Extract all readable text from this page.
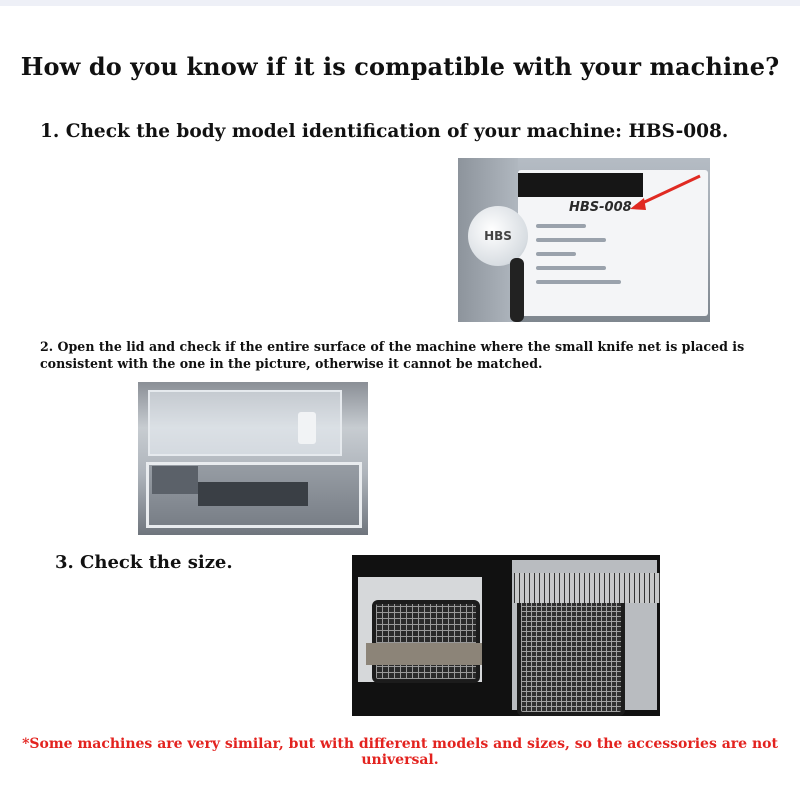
How do you know if it is compatible with your machine?
1. Check the body model identification of your machine: HBS-008.
HBS
HBS-008
2. Open the lid and check if the entire surface of the machine where the small knife net is placed is consistent with the one in the picture, otherwise it cannot be matched.
3. Check the size.
*Some machines are very similar, but with different models and sizes, so the accessories are not universal.
